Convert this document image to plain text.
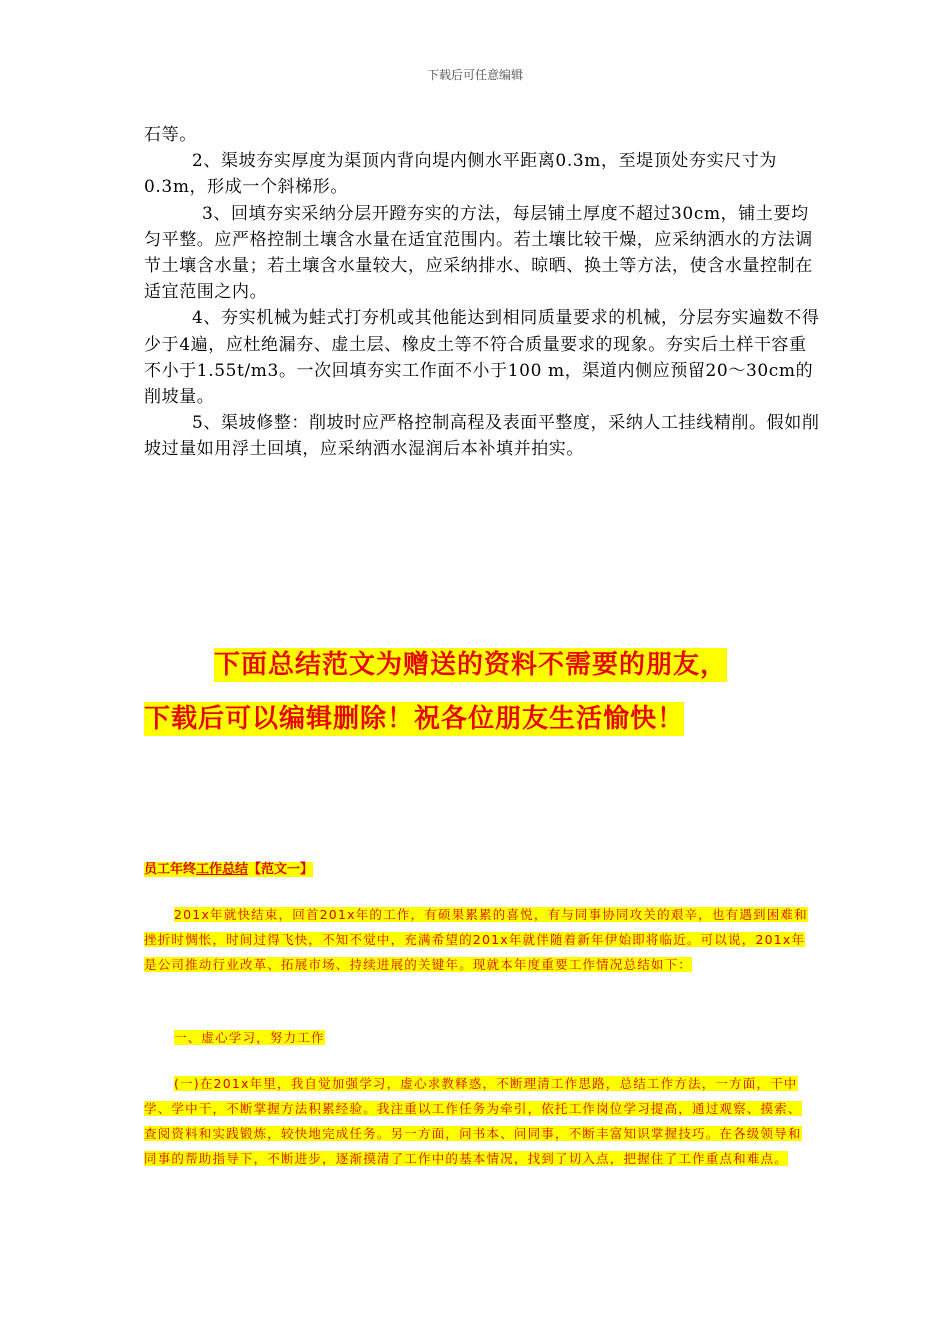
下载后可任意编辑

石等。

2、渠坡夯实厚度为渠顶内背向堤内侧水平距离0.3m，至堤顶处夯实尺寸为0.3m，形成一个斜梯形。

3、回填夯实采纳分层开蹬夯实的方法，每层铺土厚度不超过30cm，铺土要均匀平整。应严格控制土壤含水量在适宜范围内。若土壤比较干燥，应采纳洒水的方法调节土壤含水量；若土壤含水量较大，应采纳排水、晾晒、换土等方法，使含水量控制在适宜范围之内。

4、夯实机械为蛙式打夯机或其他能达到相同质量要求的机械，分层夯实遍数不得少于4遍，应杜绝漏夯、虚土层、橡皮土等不符合质量要求的现象。夯实后土样干容重不小于1.55t/m3。一次回填夯实工作面不小于100 m，渠道内侧应预留20～30cm的削坡量。

5、渠坡修整：削坡时应严格控制高程及表面平整度，采纳人工挂线精削。假如削坡过量如用浮土回填，应采纳洒水湿润后本补填并拍实。

下面总结范文为赠送的资料不需要的朋友，
下载后可以编辑删除！祝各位朋友生活愉快！
员工年终工作总结【范文一】
201x年就快结束，回首201x年的工作，有硕果累累的喜悦，有与同事协同攻关的艰辛，也有遇到困难和挫折时惆怅，时间过得飞快，不知不觉中，充满希望的201x年就伴随着新年伊始即将临近。可以说，201x年是公司推动行业改革、拓展市场、持续进展的关键年。现就本年度重要工作情况总结如下：
一、虚心学习，努力工作
(一)在201x年里，我自觉加强学习，虚心求教释惑，不断理清工作思路，总结工作方法，一方面，干中学、学中干，不断掌握方法积累经验。我注重以工作任务为牵引，依托工作岗位学习提高，通过观察、摸索、查阅资料和实践锻炼，较快地完成任务。另一方面，问书本、问同事，不断丰富知识掌握技巧。在各级领导和同事的帮助指导下，不断进步，逐渐摸清了工作中的基本情况，找到了切入点，把握住了工作重点和难点。
